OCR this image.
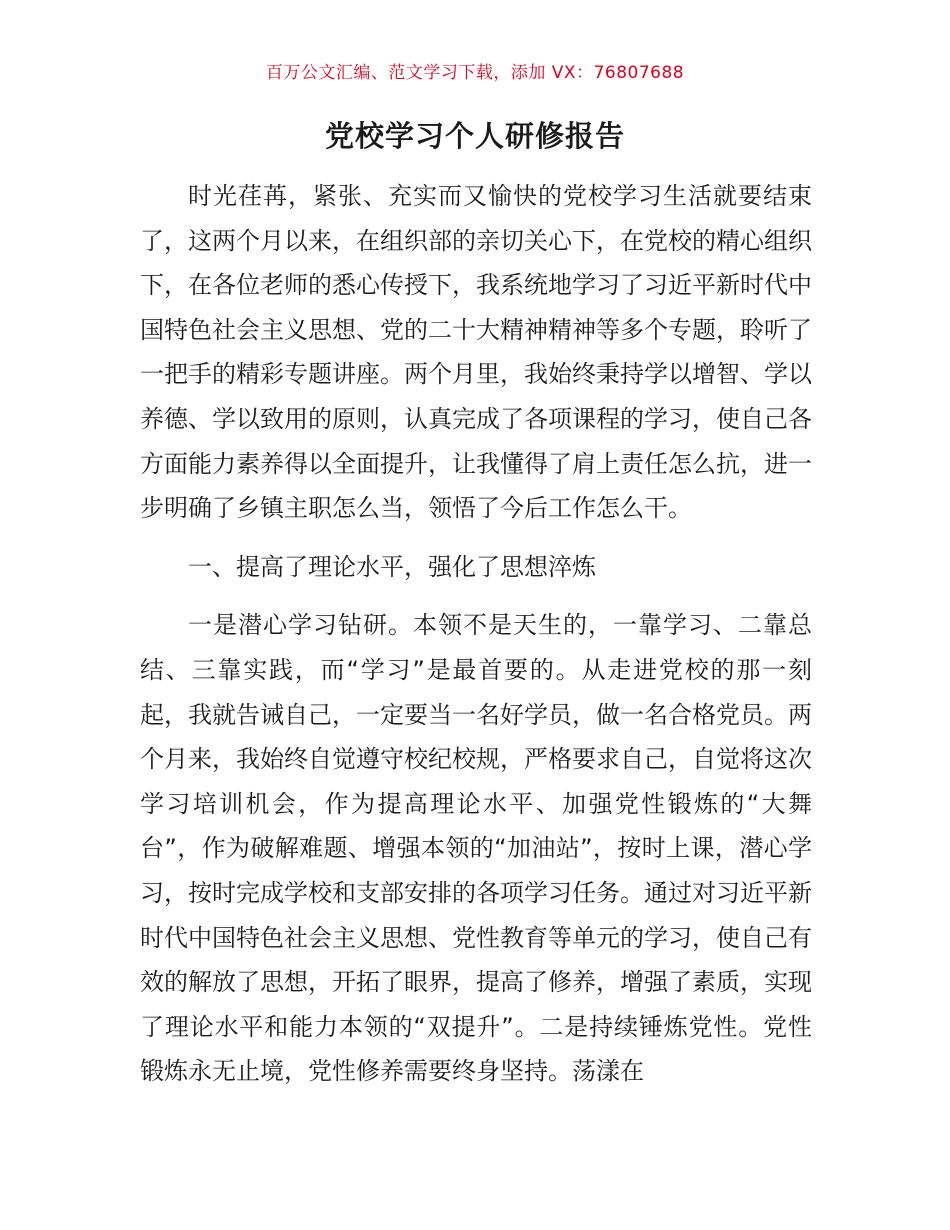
百万公文汇编、范文学习下载，添加 VX：76807688
党校学习个人研修报告

时光荏苒，紧张、充实而又愉快的党校学习生活就要结束了，这两个月以来，在组织部的亲切关心下，在党校的精心组织下，在各位老师的悉心传授下，我系统地学习了习近平新时代中国特色社会主义思想、党的二十大精神精神等多个专题，聆听了一把手的精彩专题讲座。两个月里，我始终秉持学以增智、学以养德、学以致用的原则，认真完成了各项课程的学习，使自己各方面能力素养得以全面提升，让我懂得了肩上责任怎么抗，进一步明确了乡镇主职怎么当，领悟了今后工作怎么干。

一、提高了理论水平，强化了思想淬炼

一是潜心学习钻研。本领不是天生的，一靠学习、二靠总结、三靠实践，而“学习”是最首要的。从走进党校的那一刻起，我就告诫自己，一定要当一名好学员，做一名合格党员。两个月来，我始终自觉遵守校纪校规，严格要求自己，自觉将这次学习培训机会，作为提高理论水平、加强党性锻炼的“大舞台”，作为破解难题、增强本领的“加油站”，按时上课，潜心学习，按时完成学校和支部安排的各项学习任务。通过对习近平新时代中国特色社会主义思想、党性教育等单元的学习，使自己有效的解放了思想，开拓了眼界，提高了修养，增强了素质，实现了理论水平和能力本领的“双提升”。二是持续锤炼党性。党性锻炼永无止境，党性修养需要终身坚持。荡漾在
